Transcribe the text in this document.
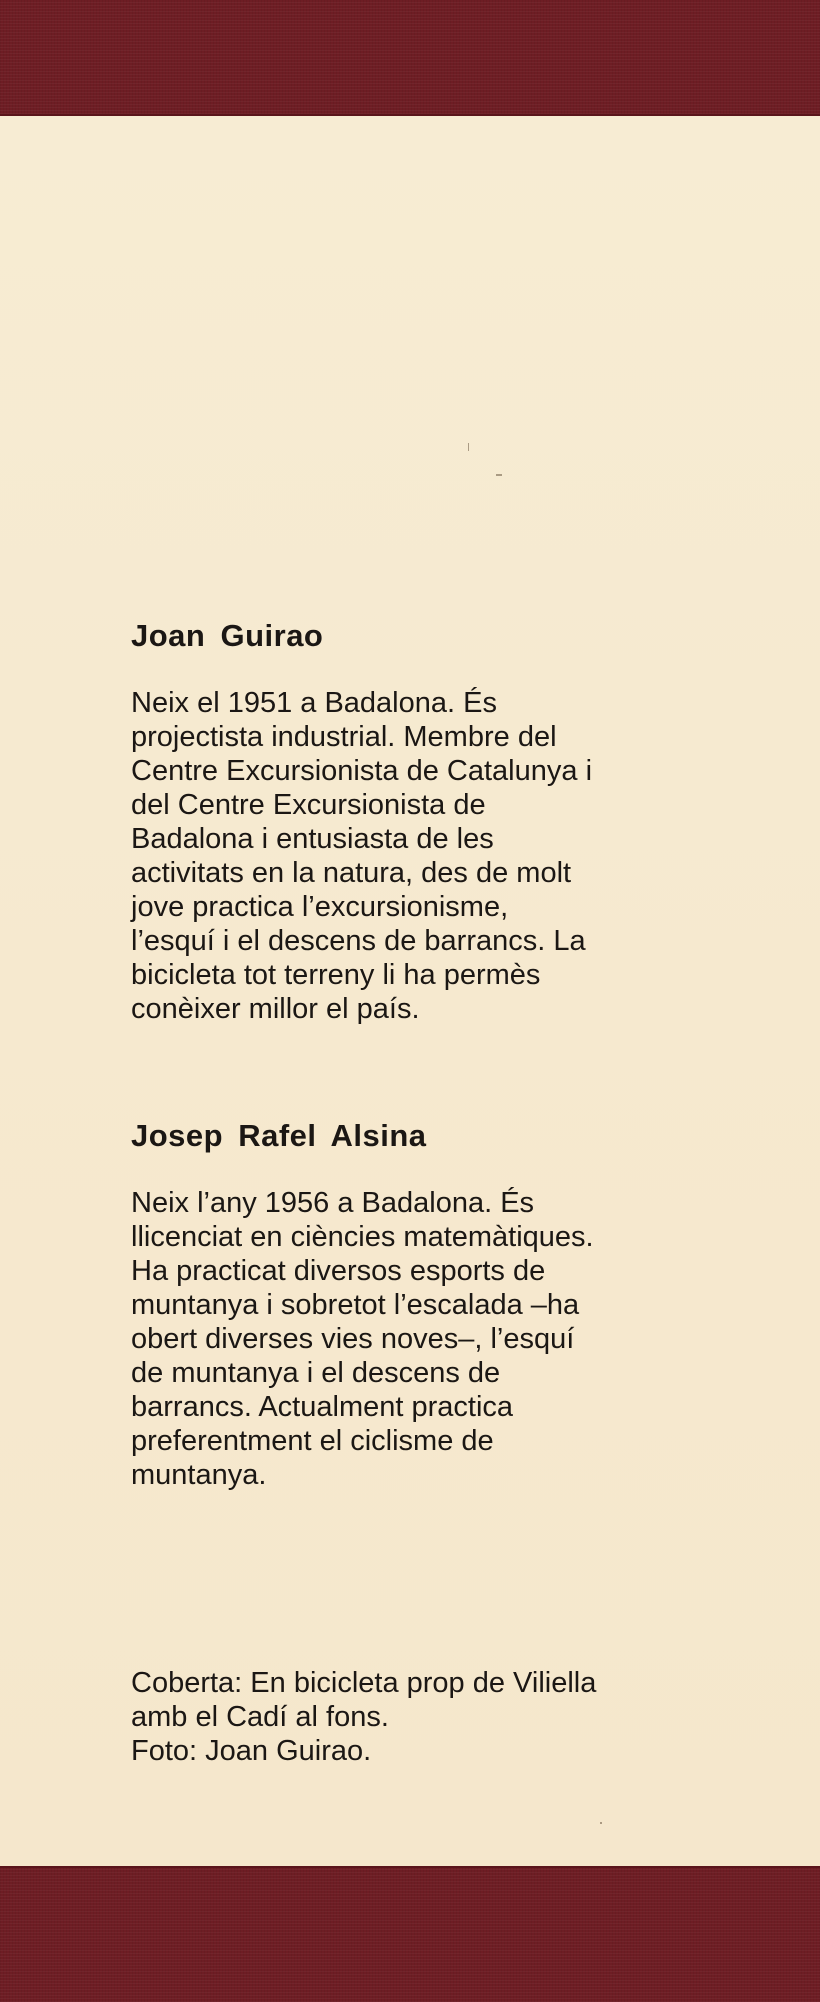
Joan Guirao

Neix el 1951 a Badalona. És
projectista industrial. Membre del
Centre Excursionista de Catalunya i
del Centre Excursionista de
Badalona i entusiasta de les
activitats en la natura, des de molt
jove practica l’excursionisme,
l’esquí i el descens de barrancs. La
bicicleta tot terreny li ha permès
conèixer millor el país.

Josep Rafel Alsina

Neix l’any 1956 a Badalona. És
llicenciat en ciències matemàtiques.
Ha practicat diversos esports de
muntanya i sobretot l’escalada –ha
obert diverses vies noves–, l’esquí
de muntanya i el descens de
barrancs. Actualment practica
preferentment el ciclisme de
muntanya.

Coberta: En bicicleta prop de Viliella
amb el Cadí al fons.
Foto: Joan Guirao.
